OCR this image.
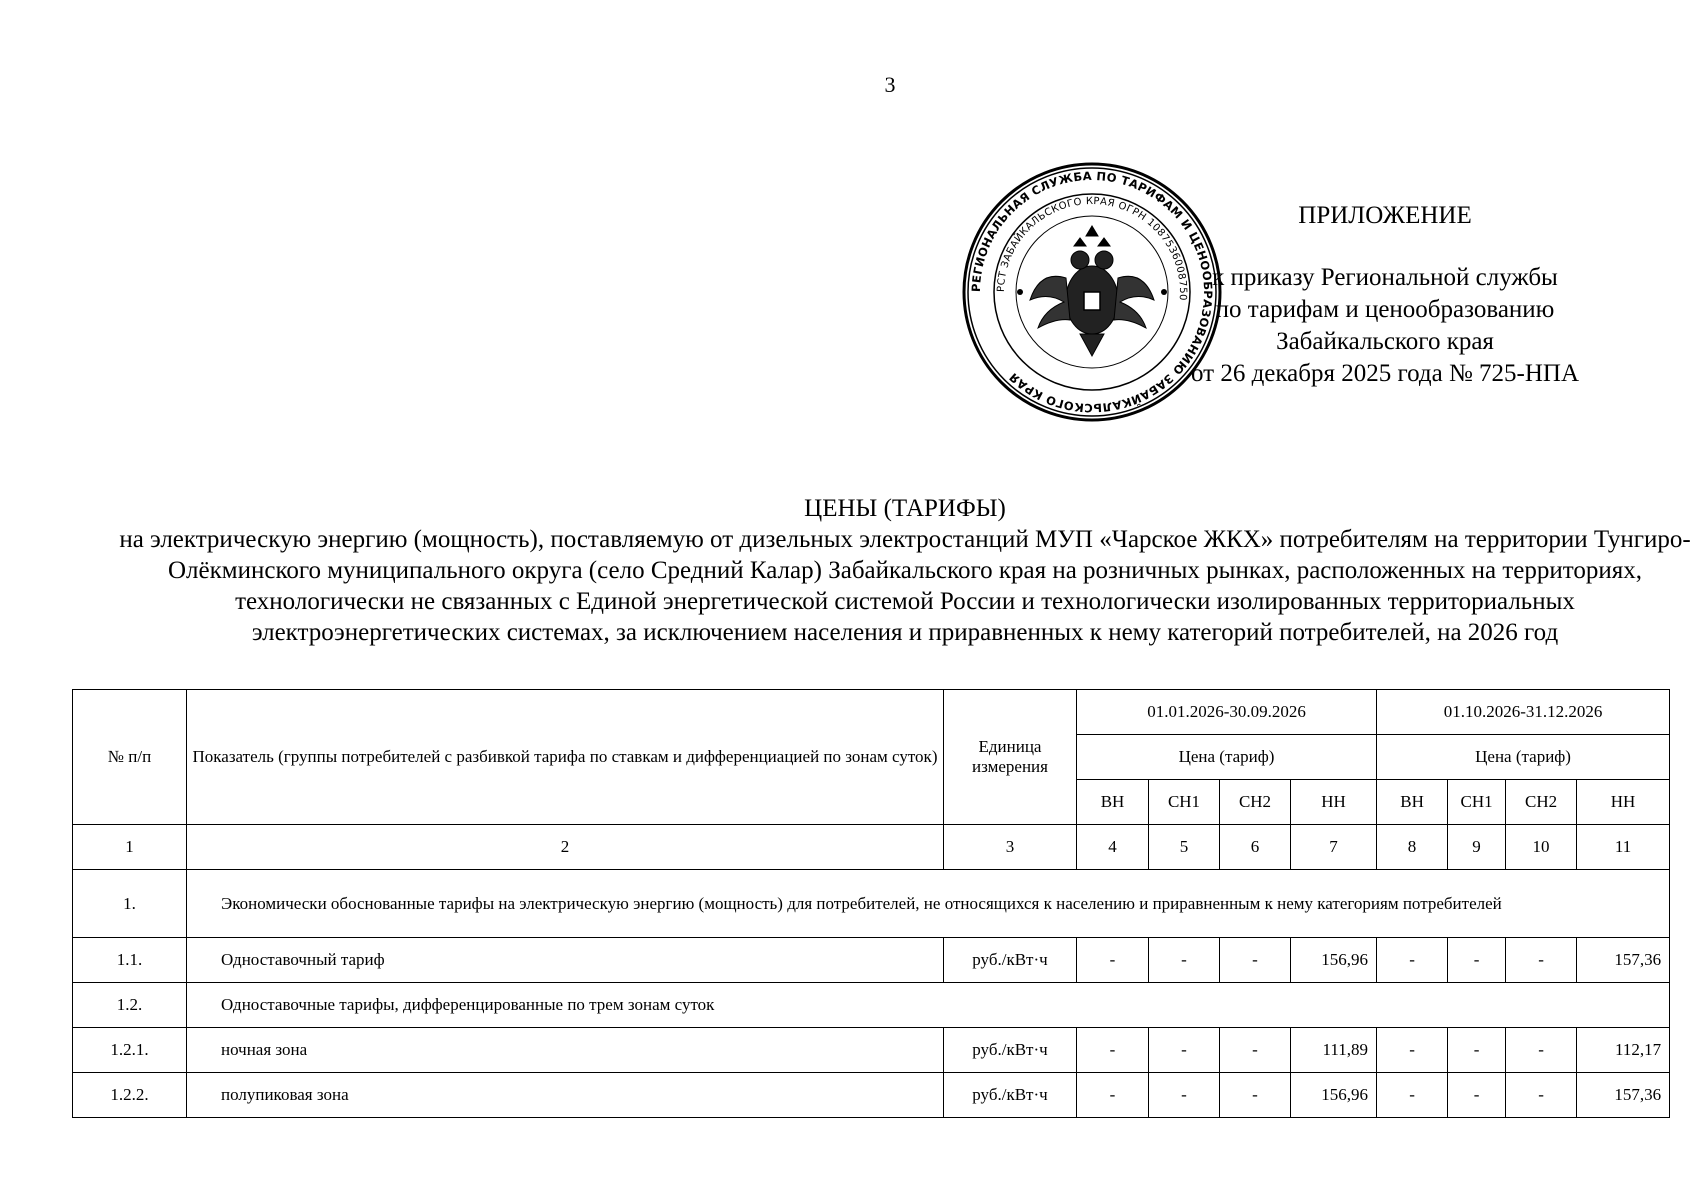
3
РЕГИОНАЛЬНАЯ СЛУЖБА ПО ТАРИФАМ И ЦЕНООБРАЗОВАНИЮ ЗАБАЙКАЛЬСКОГО КРАЯ
РСТ ЗАБАЙКАЛЬСКОГО КРАЯ ОГРН 1087536008750
ПРИЛОЖЕНИЕ
к приказу Региональной службы
по тарифам и ценообразованию
Забайкальского края
от 26 декабря 2025 года № 725-НПА
ЦЕНЫ (ТАРИФЫ)
на электрическую энергию (мощность), поставляемую от дизельных электростанций МУП «Чарское ЖКХ» потребителям на территории Тунгиро-Олёкминского муниципального округа (село Средний Калар) Забайкальского края на розничных рынках, расположенных на территориях, технологически не связанных с Единой энергетической системой России и технологически изолированных территориальных электроэнергетических системах, за исключением населения и приравненных к нему категорий потребителей, на 2026 год
№ п/п	Показатель (группы потребителей с разбивкой тарифа по ставкам и дифференциацией по зонам суток)	Единица измерения	01.01.2026-30.09.2026				01.10.2026-31.12.2026			
			Цена (тариф)				Цена (тариф)			
			ВН	СН1	СН2	НН	ВН	СН1	СН2	НН
1	2	3	4	5	6	7	8	9	10	11
1.	Экономически обоснованные тарифы на электрическую энергию (мощность) для потребителей, не относящихся к населению и приравненным к нему категориям потребителей									
1.1.	Одноставочный тариф	руб./кВт·ч	-	-	-	156,96	-	-	-	157,36
1.2.	Одноставочные тарифы, дифференцированные по трем зонам суток									
1.2.1.	ночная зона	руб./кВт·ч	-	-	-	111,89	-	-	-	112,17
1.2.2.	полупиковая зона	руб./кВт·ч	-	-	-	156,96	-	-	-	157,36
